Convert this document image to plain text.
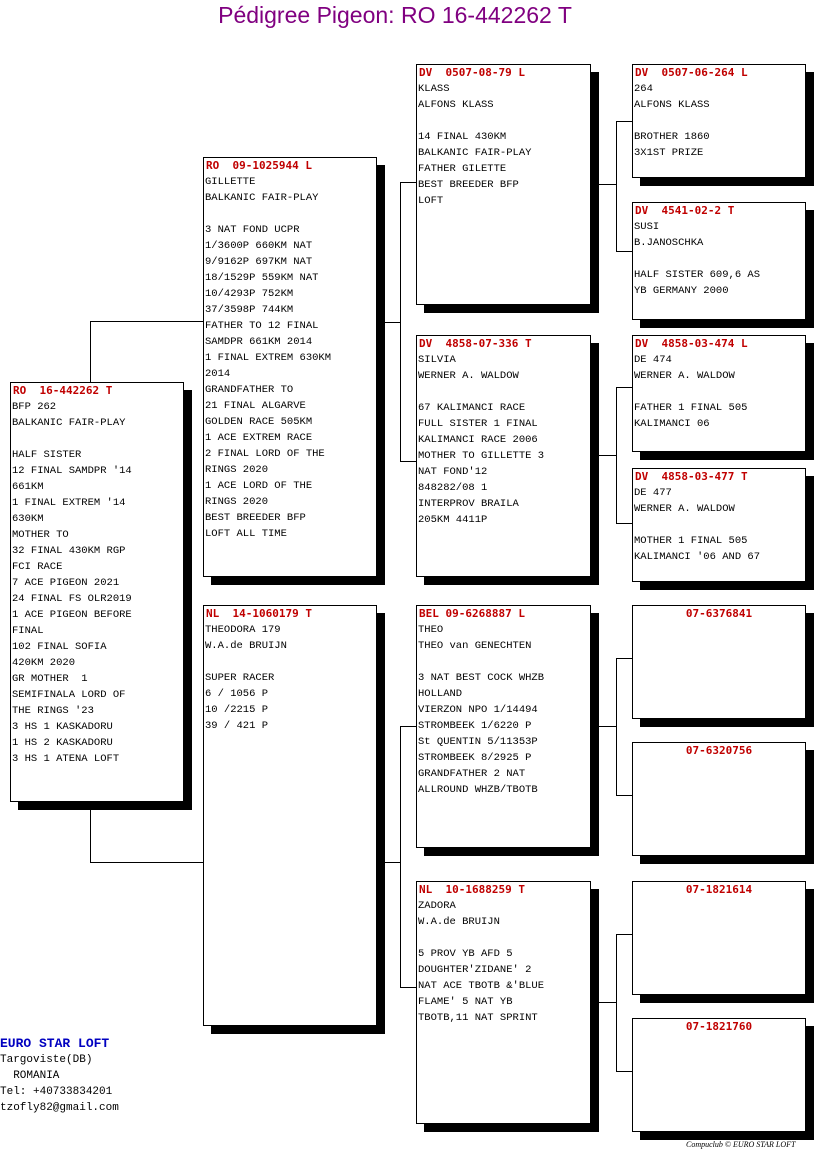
Pédigree Pigeon: RO 16-442262 T
RO  16-442262 T
BFP 262
BALKANIC FAIR-PLAY

HALF SISTER
12 FINAL SAMDPR '14
661KM
1 FINAL EXTREM '14
630KM
MOTHER TO
32 FINAL 430KM RGP
FCI RACE
7 ACE PIGEON 2021
24 FINAL FS OLR2019
1 ACE PIGEON BEFORE
FINAL
102 FINAL SOFIA
420KM 2020
GR MOTHER  1
SEMIFINALA LORD OF
THE RINGS '23
3 HS 1 KASKADORU
1 HS 2 KASKADORU
3 HS 1 ATENA LOFT
RO  09-1025944 L
GILLETTE
BALKANIC FAIR-PLAY

3 NAT FOND UCPR
1/3600P 660KM NAT
9/9162P 697KM NAT
18/1529P 559KM NAT
10/4293P 752KM
37/3598P 744KM
FATHER TO 12 FINAL
SAMDPR 661KM 2014
1 FINAL EXTREM 630KM
2014
GRANDFATHER TO
21 FINAL ALGARVE
GOLDEN RACE 505KM
1 ACE EXTREM RACE
2 FINAL LORD OF THE
RINGS 2020
1 ACE LORD OF THE
RINGS 2020
BEST BREEDER BFP
LOFT ALL TIME
NL  14-1060179 T
THEODORA 179
W.A.de BRUIJN

SUPER RACER
6 / 1056 P
10 /2215 P
39 / 421 P
DV  0507-08-79 L
KLASS
ALFONS KLASS

14 FINAL 430KM
BALKANIC FAIR-PLAY
FATHER GILETTE
BEST BREEDER BFP
LOFT
DV  4858-07-336 T
SILVIA
WERNER A. WALDOW

67 KALIMANCI RACE
FULL SISTER 1 FINAL
KALIMANCI RACE 2006
MOTHER TO GILLETTE 3
NAT FOND'12
848282/08 1
INTERPROV BRAILA
205KM 4411P
BEL 09-6268887 L
THEO
THEO van GENECHTEN

3 NAT BEST COCK WHZB
HOLLAND
VIERZON NPO 1/14494
STROMBEEK 1/6220 P
St QUENTIN 5/11353P
STROMBEEK 8/2925 P
GRANDFATHER 2 NAT
ALLROUND WHZB/TBOTB
NL  10-1688259 T
ZADORA
W.A.de BRUIJN

5 PROV YB AFD 5
DOUGHTER'ZIDANE' 2
NAT ACE TBOTB &'BLUE
FLAME' 5 NAT YB
TBOTB,11 NAT SPRINT
DV  0507-06-264 L
264
ALFONS KLASS

BROTHER 1860
3X1ST PRIZE
DV  4541-02-2 T
SUSI
B.JANOSCHKA

HALF SISTER 609,6 AS
YB GERMANY 2000
DV  4858-03-474 L
DE 474
WERNER A. WALDOW

FATHER 1 FINAL 505
KALIMANCI 06
DV  4858-03-477 T
DE 477
WERNER A. WALDOW

MOTHER 1 FINAL 505
KALIMANCI '06 AND 67
07-6376841
07-6320756
07-1821614
07-1821760
EURO STAR LOFT
Targoviste(DB)
ROMANIA
Tel: +40733834201
tzofly82@gmail.com
Compuclub © EURO STAR LOFT
